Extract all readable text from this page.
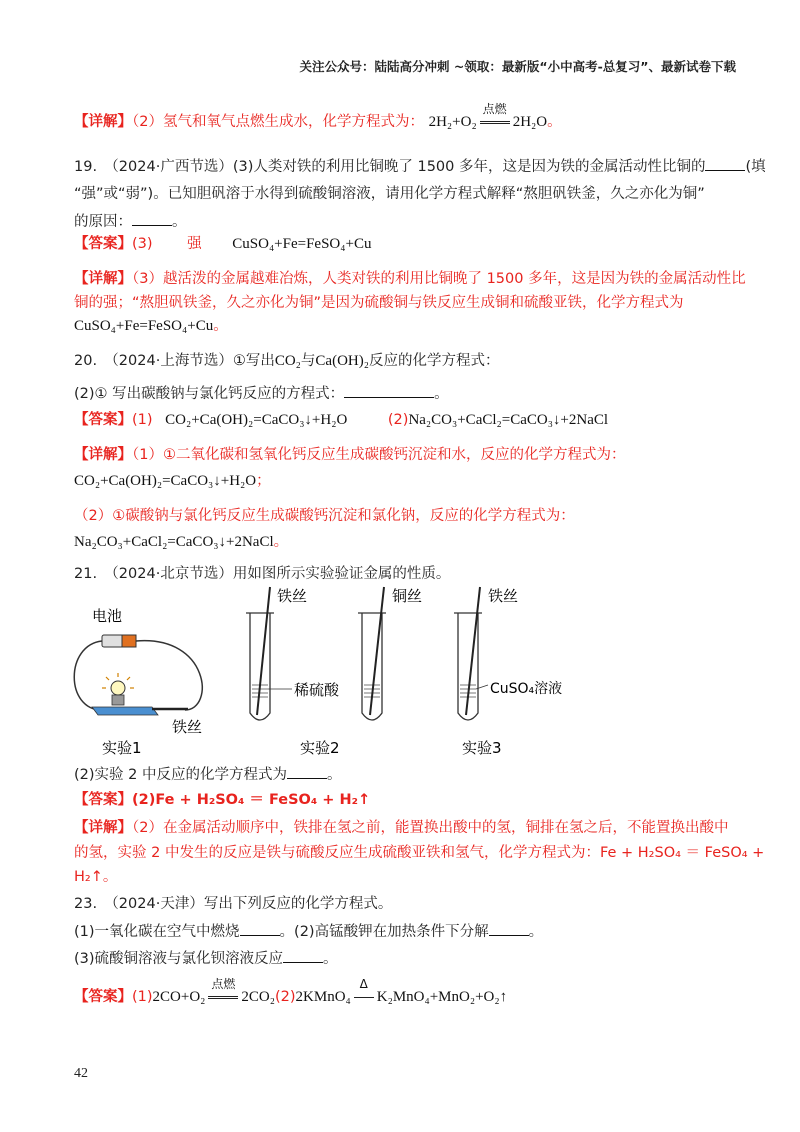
关注公众号：陆陆高分冲刺 ~领取：最新版“小中高考-总复习”、最新试卷下载
【详解】（2）氢气和氧气点燃生成水，化学方程式为： 2H₂+O₂
点燃
2H₂O。
19.　（2024·广西节选）(3)人类对铁的利用比铜晚了 1500 多年，这是因为铁的金属活动性比铜的	(填
“强”或“弱”)。已知胆矾溶于水得到硫酸铜溶液，请用化学方程式解释“熬胆矾铁釜，久之亦化为铜”
的原因：	。
【答案】(3) 强 CuSO₄+Fe=FeSO₄+Cu
【详解】（3）越活泼的金属越难冶炼，人类对铁的利用比铜晚了 1500 多年，这是因为铁的金属活动性比
铜的强；“熬胆矾铁釜，久之亦化为铜”是因为硫酸铜与铁反应生成铜和硫酸亚铁，化学方程式为
CuSO₄+Fe=FeSO₄+Cu。
20.　（2024·上海节选）①写出CO₂与Ca(OH)₂反应的化学方程式：
(2)① 写出碳酸钠与氯化钙反应的方程式：	。
【答案】(1) CO₂+Ca(OH)₂=CaCO₃↓+H₂O	(2)Na₂CO₃+CaCl₂=CaCO₃↓+2NaCl
【详解】（1）①二氧化碳和氢氧化钙反应生成碳酸钙沉淀和水，反应的化学方程式为：
CO₂+Ca(OH)₂=CaCO₃↓+H₂O；
（2）①碳酸钠与氯化钙反应生成碳酸钙沉淀和氯化钠，反应的化学方程式为：
Na₂CO₃+CaCl₂=CaCO₃↓+2NaCl。
21.　（2024·北京节选）用如图所示实验验证金属的性质。
电池
铁丝
实验1
铁丝
稀硫酸
实验2
铜丝	铁丝
CuSO₄溶液
实验3
(2)实验 2 中反应的化学方程式为	。
【答案】(2)Fe + H₂SO₄ ＝ FeSO₄ + H₂↑
【详解】（2）在金属活动顺序中，铁排在氢之前，能置换出酸中的氢，铜排在氢之后，不能置换出酸中
的氢，实验 2 中发生的反应是铁与硫酸反应生成硫酸亚铁和氢气，化学方程式为：Fe + H₂SO₄ ＝ FeSO₄ +
H₂↑。
23.　（2024·天津）写出下列反应的化学方程式。
(1)一氧化碳在空气中燃烧	。(2)高锰酸钾在加热条件下分解	。
(3)硫酸铜溶液与氯化钡溶液反应	。
【答案】(1)2CO+O₂
点燃
2CO₂(2)2KMnO₄
Δ
K₂MnO₄+MnO₂+O₂↑
42
